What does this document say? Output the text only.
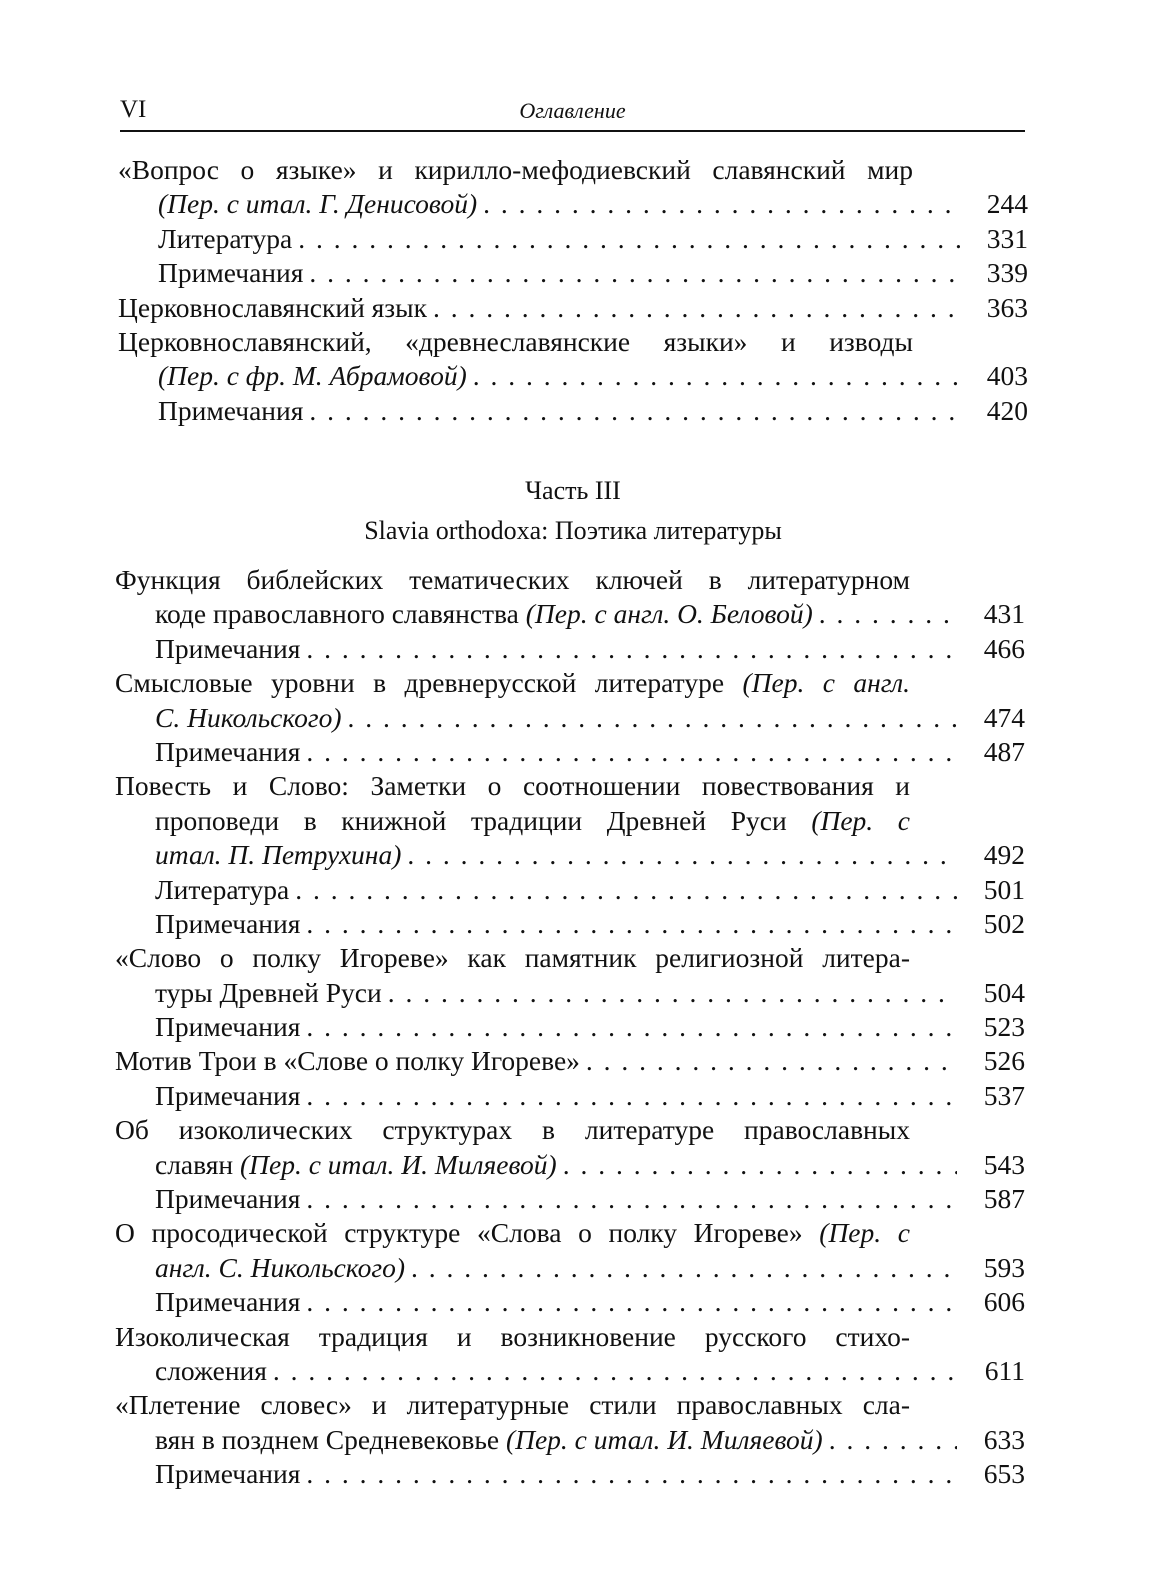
VI	Оглавление
«Вопрос о языке» и кирилло-мефодиевский славянский мир
(Пер. с итал. Г. Денисовой) . . .	244
Литература . . .	331
Примечания . . .	339
Церковнославянский язык . . .	363
Церковнославянский, «древнеславянские языки» и изводы
(Пер. с фр. М. Абрамовой) . . .	403
Примечания . . .	420
Часть III
Slavia orthodoxa: Поэтика литературы
Функция библейских тематических ключей в литературном
коде православного славянства (Пер. с англ. О. Беловой) . . .	431
Примечания . . .	466
Смысловые уровни в древнерусской литературе (Пер. с англ.
С. Никольского) . . .	474
Примечания . . .	487
Повесть и Слово: Заметки о соотношении повествования и
проповеди в книжной традиции Древней Руси (Пер. с
итал. П. Петрухина) . . .	492
Литература . . .	501
Примечания . . .	502
«Слово о полку Игореве» как памятник религиозной литера-
туры Древней Руси . . .	504
Примечания . . .	523
Мотив Трои в «Слове о полку Игореве» . . .	526
Примечания . . .	537
Об изоколических структурах в литературе православных
славян (Пер. с итал. И. Миляевой) . . .	543
Примечания . . .	587
О просодической структуре «Слова о полку Игореве» (Пер. с
англ. С. Никольского) . . .	593
Примечания . . .	606
Изоколическая традиция и возникновение русского стихо-
сложения . . .	611
«Плетение словес» и литературные стили православных сла-
вян в позднем Средневековье (Пер. с итал. И. Миляевой) . . .	633
Примечания . . .	653
